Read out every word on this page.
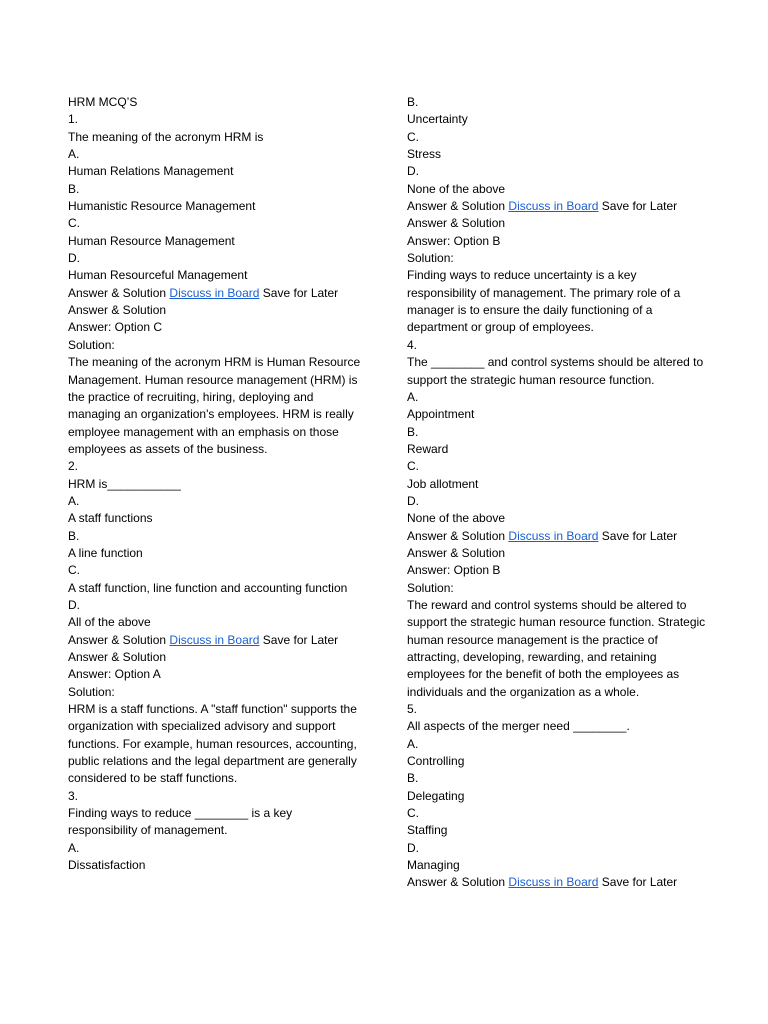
HRM MCQ’S
1.
The meaning of the acronym HRM is
A.
Human Relations Management
B.
Humanistic Resource Management
C.
Human Resource Management
D.
Human Resourceful Management
Answer & Solution Discuss in Board Save for Later
Answer & Solution
Answer: Option C
Solution:
The meaning of the acronym HRM is Human Resource Management. Human resource management (HRM) is the practice of recruiting, hiring, deploying and managing an organization's employees. HRM is really employee management with an emphasis on those employees as assets of the business.
2.
HRM is___________
A.
A staff functions
B.
A line function
C.
A staff function, line function and accounting function
D.
All of the above
Answer & Solution Discuss in Board Save for Later
Answer & Solution
Answer: Option A
Solution:
HRM is a staff functions. A "staff function" supports the organization with specialized advisory and support functions. For example, human resources, accounting, public relations and the legal department are generally considered to be staff functions.
3.
Finding ways to reduce ________ is a key responsibility of management.
A.
Dissatisfaction
B.
Uncertainty
C.
Stress
D.
None of the above
Answer & Solution Discuss in Board Save for Later
Answer & Solution
Answer: Option B
Solution:
Finding ways to reduce uncertainty is a key responsibility of management. The primary role of a manager is to ensure the daily functioning of a department or group of employees.
4.
The ________ and control systems should be altered to support the strategic human resource function.
A.
Appointment
B.
Reward
C.
Job allotment
D.
None of the above
Answer & Solution Discuss in Board Save for Later
Answer & Solution
Answer: Option B
Solution:
The reward and control systems should be altered to support the strategic human resource function. Strategic human resource management is the practice of attracting, developing, rewarding, and retaining employees for the benefit of both the employees as individuals and the organization as a whole.
5.
All aspects of the merger need ________.
A.
Controlling
B.
Delegating
C.
Staffing
D.
Managing
Answer & Solution Discuss in Board Save for Later
